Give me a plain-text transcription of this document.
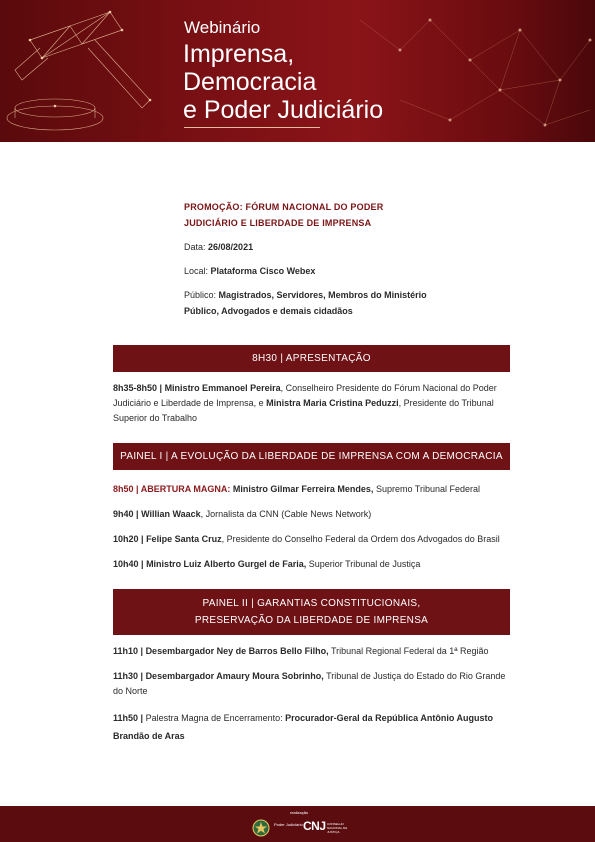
Webinário
Imprensa,
Democracia
e Poder Judiciário
PROMOÇÃO: FÓRUM NACIONAL DO PODER
JUDICIÁRIO E LIBERDADE DE IMPRENSA

Data: 26/08/2021

Local: Plataforma Cisco Webex

Público: Magistrados, Servidores, Membros do Ministério Público, Advogados e demais cidadãos

8H30 | APRESENTAÇÃO
8h35-8h50 | Ministro Emmanoel Pereira, Conselheiro Presidente do Fórum Nacional do Poder Judiciário e Liberdade de Imprensa, e Ministra Maria Cristina Peduzzi, Presidente do Tribunal Superior do Trabalho
PAINEL I | A EVOLUÇÃO DA LIBERDADE DE IMPRENSA COM A DEMOCRACIA
8h50 | ABERTURA MAGNA: Ministro Gilmar Ferreira Mendes, Supremo Tribunal Federal
9h40 | Willian Waack, Jornalista da CNN (Cable News Network)
10h20 | Felipe Santa Cruz, Presidente do Conselho Federal da Ordem dos Advogados do Brasil
10h40 | Ministro Luiz Alberto Gurgel de Faria, Superior Tribunal de Justiça
PAINEL II | GARANTIAS CONSTITUCIONAIS,
PRESERVAÇÃO DA LIBERDADE DE IMPRENSA
11h10 | Desembargador Ney de Barros Bello Filho, Tribunal Regional Federal da 1ª Região
11h30 | Desembargador Amaury Moura Sobrinho, Tribunal de Justiça do Estado do Rio Grande do Norte
11h50 | Palestra Magna de Encerramento: Procurador-Geral da República Antônio Augusto Brandão de Aras
realização
Poder Judiciário CNJ CONSELHO NACIONAL DE JUSTIÇA
